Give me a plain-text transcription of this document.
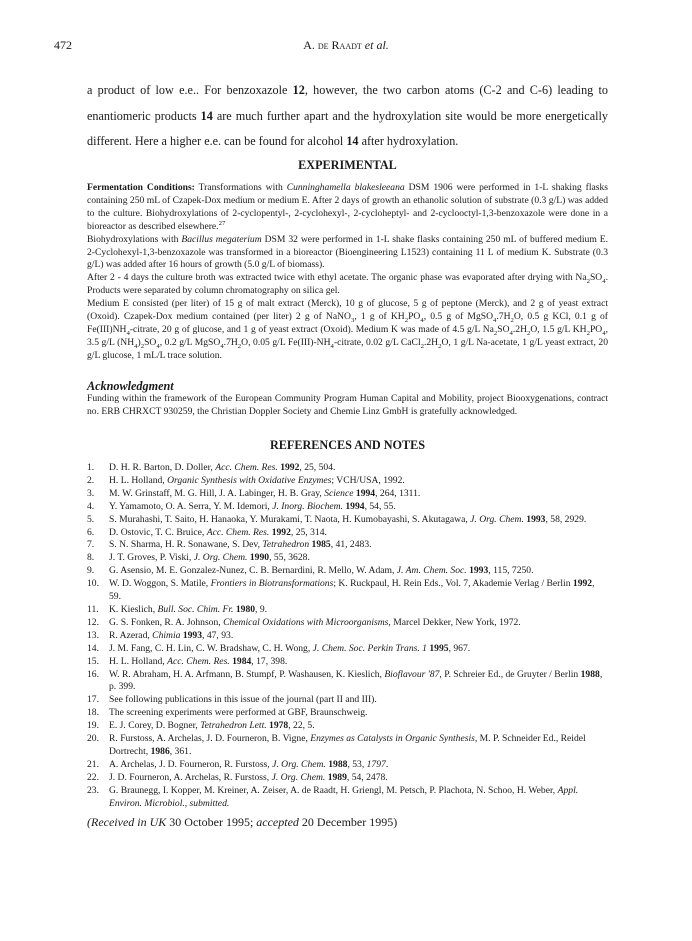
472	A. de Raadt et al.

a product of low e.e.. For benzoxazole 12, however, the two carbon atoms (C-2 and C-6) leading to enantiomeric products 14 are much further apart and the hydroxylation site would be more energetically different. Here a higher e.e. can be found for alcohol 14 after hydroxylation.

EXPERIMENTAL

Fermentation Conditions: Transformations with Cunninghamella blakesleeana DSM 1906 were performed in 1-L shaking flasks containing 250 mL of Czapek-Dox medium or medium E. After 2 days of growth an ethanolic solution of substrate (0.3 g/L) was added to the culture. Biohydroxylations of 2-cyclopentyl-, 2-cyclohexyl-, 2-cycloheptyl- and 2-cyclooctyl-1,3-benzoxazole were done in a bioreactor as described elsewhere.$^{27}$

Biohydroxylations with Bacillus megaterium DSM 32 were performed in 1-L shake flasks containing 250 mL of buffered medium E. 2-Cyclohexyl-1,3-benzoxazole was transformed in a bioreactor (Bioengineering L1523) containing 11 L of medium K. Substrate (0.3 g/L) was added after 16 hours of growth (5.0 g/L of biomass).

After 2 - 4 days the culture broth was extracted twice with ethyl acetate. The organic phase was evaporated after drying with $Na_2SO_4$. Products were separated by column chromatography on silica gel.

Medium E consisted (per liter) of 15 g of malt extract (Merck), 10 g of glucose, 5 g of peptone (Merck), and 2 g of yeast extract (Oxoid). Czapek-Dox medium contained (per liter) 2 g of NaNO$_3$, 1 g of $KH_2PO_4$, 0.5 g of $MgSO_4.7H_2O$, 0.5 g KCl, 0.1 g of $Fe(III)NH_4$-citrate, 20 g of glucose, and 1 g of yeast extract (Oxoid). Medium K was made of 4.5 g/L $Na_2SO_4.2H_2O$, 1.5 g/L $KH_2PO_4$, 3.5 g/L $(NH_4)_2SO_4$, 0.2 g/L $MgSO_4.7H_2O$, 0.05 g/L $Fe(III)-NH_4$-citrate, 0.02 g/L $CaCl_2.2H_2O$, 1 g/L Na-acetate, 1 g/L yeast extract, 20 g/L glucose, 1 mL/L trace solution.

Acknowledgment

Funding within the framework of the European Community Program Human Capital and Mobility, project Biooxygenations, contract no. ERB CHRXCT 930259, the Christian Doppler Society and Chemie Linz GmbH is gratefully acknowledged.

REFERENCES AND NOTES
1. D. H. R. Barton, D. Doller, Acc. Chem. Res. 1992, 25, 504.
2. H. L. Holland, Organic Synthesis with Oxidative Enzymes; VCH/USA, 1992.
3. M. W. Grinstaff, M. G. Hill, J. A. Labinger, H. B. Gray, Science 1994, 264, 1311.
4. Y. Yamamoto, O. A. Serra, Y. M. Idemori, J. Inorg. Biochem. 1994, 54, 55.
5. S. Murahashi, T. Saito, H. Hanaoka, Y. Murakami, T. Naota, H. Kumobayashi, S. Akutagawa, J. Org. Chem. 1993, 58, 2929.
6. D. Ostovic, T. C. Bruice, Acc. Chem. Res. 1992, 25, 314.
7. S. N. Sharma, H. R. Sonawane, S. Dev, Tetrahedron 1985, 41, 2483.
8. J. T. Groves, P. Viski, J. Org. Chem. 1990, 55, 3628.
9. G. Asensio, M. E. Gonzalez-Nunez, C. B. Bernardini, R. Mello, W. Adam, J. Am. Chem. Soc. 1993, 115, 7250.
10. W. D. Woggon, S. Matile, Frontiers in Biotransformations; K. Ruckpaul, H. Rein Eds., Vol. 7, Akademie Verlag / Berlin 1992, 59.
11. K. Kieslich, Bull. Soc. Chim. Fr. 1980, 9.
12. G. S. Fonken, R. A. Johnson, Chemical Oxidations with Microorganisms, Marcel Dekker, New York, 1972.
13. R. Azerad, Chimia 1993, 47, 93.
14. J. M. Fang, C. H. Lin, C. W. Bradshaw, C. H. Wong, J. Chem. Soc. Perkin Trans. 1 1995, 967.
15. H. L. Holland, Acc. Chem. Res. 1984, 17, 398.
16. W. R. Abraham, H. A. Arfmann, B. Stumpf, P. Washausen, K. Kieslich, Bioflavour '87, P. Schreier Ed., de Gruyter / Berlin 1988, p. 399.
17. See following publications in this issue of the journal (part II and III).
18. The screening experiments were performed at GBF, Braunschweig.
19. E. J. Corey, D. Bogner, Tetrahedron Lett. 1978, 22, 5.
20. R. Furstoss, A. Archelas, J. D. Fourneron, B. Vigne, Enzymes as Catalysts in Organic Synthesis, M. P. Schneider Ed., Reidel Dortrecht, 1986, 361.
21. A. Archelas, J. D. Fourneron, R. Furstoss, J. Org. Chem. 1988, 53, 1797.
22. J. D. Fourneron, A. Archelas, R. Furstoss, J. Org. Chem. 1989, 54, 2478.
23. G. Braunegg, I. Kopper, M. Kreiner, A. Zeiser, A. de Raadt, H. Griengl, M. Petsch, P. Plachota, N. Schoo, H. Weber, Appl. Environ. Microbiol., submitted.

(Received in UK 30 October 1995; accepted 20 December 1995)
